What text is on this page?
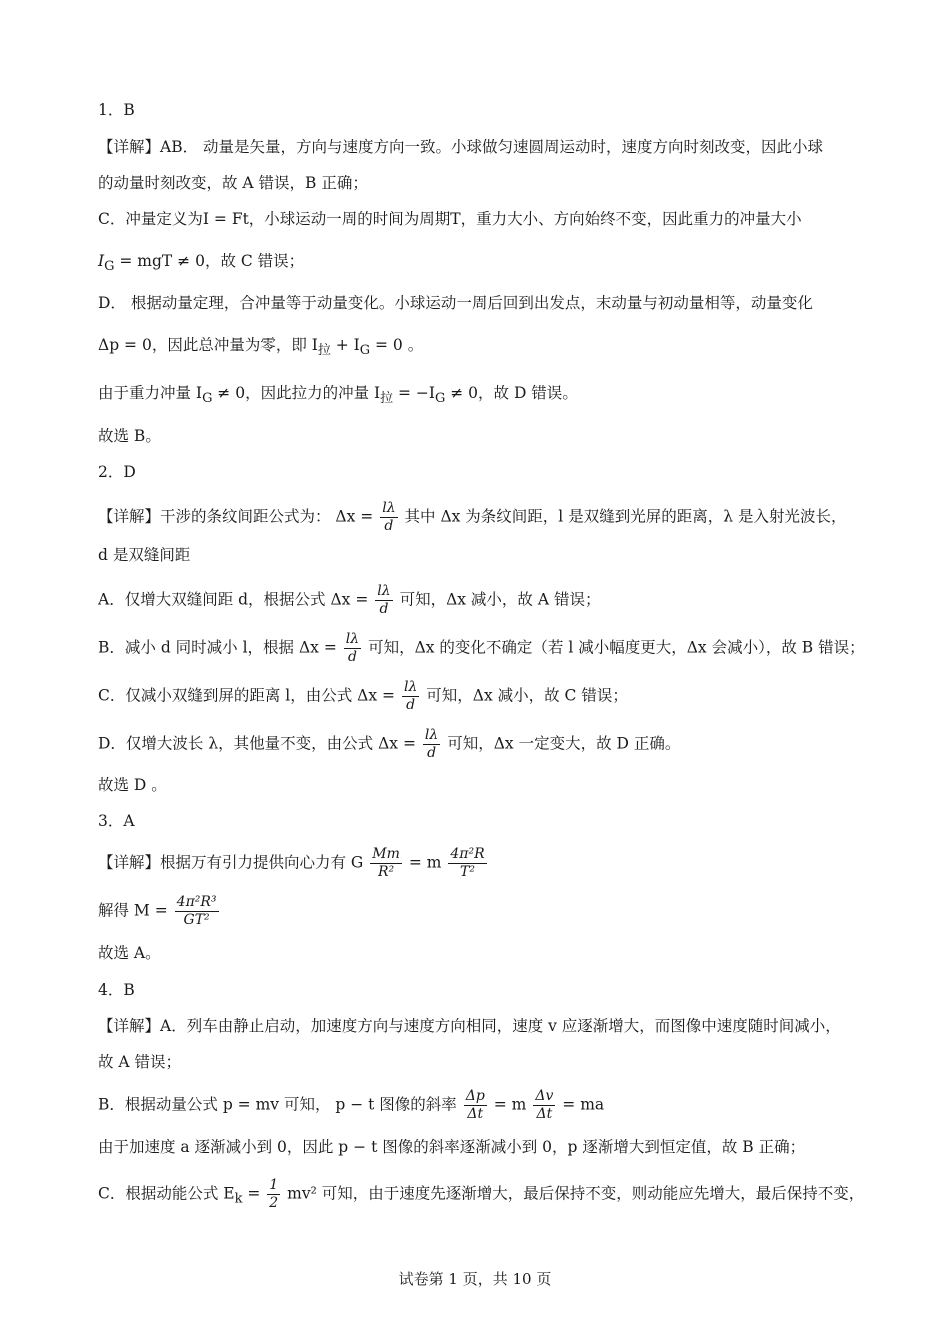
1．B
【详解】AB． 动量是矢量，方向与速度方向一致。小球做匀速圆周运动时，速度方向时刻改变，因此小球
的动量时刻改变，故 A 错误，B 正确；
C．冲量定义为I = Ft，小球运动一周的时间为周期T，重力大小、方向始终不变，因此重力的冲量大小
$I_G$ = mgT ≠ 0，故 C 错误；
D． 根据动量定理，合冲量等于动量变化。小球运动一周后回到出发点，末动量与初动量相等，动量变化
Δp = 0，因此总冲量为零，即 $I_拉 + I_G = 0$ 。
由于重力冲量 $I_G \ne 0$，因此拉力的冲量 $I_拉 = -I_G \ne 0$，故 D 错误。
故选 B。
2．D
【详解】干涉的条纹间距公式为： $\Delta x = \frac{l\lambda}{d}$ 其中 Δx 为条纹间距，l 是双缝到光屏的距离，λ 是入射光波长，
d 是双缝间距
A．仅增大双缝间距 d，根据公式 $\Delta x = \frac{l\lambda}{d}$ 可知，Δx 减小，故 A 错误；
B．减小 d 同时减小 l，根据 $\Delta x = \frac{l\lambda}{d}$ 可知，Δx 的变化不确定（若 l 减小幅度更大，Δx 会减小），故 B 错误；
C．仅减小双缝到屏的距离 l，由公式 $\Delta x = \frac{l\lambda}{d}$ 可知，Δx 减小，故 C 错误；
D．仅增大波长 λ，其他量不变，由公式 $\Delta x = \frac{l\lambda}{d}$ 可知，Δx 一定变大，故 D 正确。
故选 D 。
3．A
【详解】根据万有引力提供向心力有 G $\frac{Mm}{\text{R²}} = m \frac{\text{4π²R}}{\text{T²}}$
解得 $M = \frac{\text{4π²R³}}{\text{GT²}}$
故选 A。
4．B
【详解】A．列车由静止启动，加速度方向与速度方向相同，速度 v 应逐渐增大，而图像中速度随时间减小，
故 A 错误；
B．根据动量公式 p = mv 可知， p − t 图像的斜率 $\frac{\Delta p}{\Delta t} = m \frac{\Delta v}{\Delta t}$ = ma
由于加速度 a 逐渐减小到 0，因此 p − t 图像的斜率逐渐减小到 0，p 逐渐增大到恒定值，故 B 正确；
C．根据动能公式 $E_k = \frac{1}{2} mv^2$ 可知，由于速度先逐渐增大，最后保持不变，则动能应先增大，最后保持不变，
试卷第 1 页，共 10 页
